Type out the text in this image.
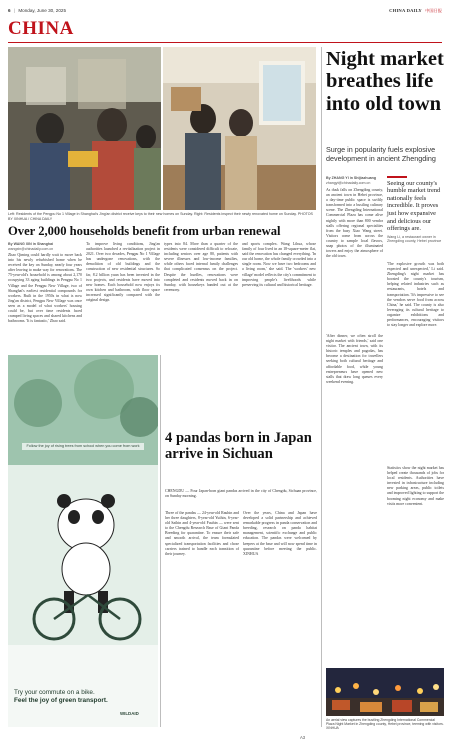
6 | Monday, June 30, 2025	CHINA DAILY 中国日报
CHINA
Left: Residents of the Pengpu No 1 Village in Shanghai's Jing'an district receive keys to their new homes on Sunday. Right: Residents inspect their newly renovated home on Sunday. PHOTOS BY XINHUA / CHINA DAILY
Over 2,000 households benefit from urban renewal
By WANG XIN in Shanghai
wangxin@chinadaily.com.cn
Zhao Qiming could hardly wait to move back into his newly refurbished home when he received the key on Sunday, nearly four years after leaving to make way for renovations. The 75-year-old's household is among about 2,170 occupying 33 aging buildings in Pengpu No 1 Village and the Pengpu New Village, two of Shanghai's earliest residential compounds for workers. Built in the 1950s in what is now Jing'an district, Pengpu New Village was once seen as a model of what workers' housing could be, but over time residents faced cramped living spaces and shared kitchens and bathrooms. 'It is fantastic,' Zhao said.
To improve living conditions, Jing'an authorities launched a revitalization project in 2021. Over two decades, Pengpu No 1 Village has undergone renovations, with the demolition of old buildings and the construction of new residential structures. So far, 8.2 billion yuan has been invested in the two projects, and residents have moved into new homes. Each household now enjoys its own kitchen and bathroom, with floor space increased significantly compared with the original design.
types into 84. More than a quarter of the residents were considered difficult to relocate, including seniors over age 80, patients with severe illnesses and low-income families, while others faced internal family challenges that complicated consensus on the project. Despite the hurdles, renovations were completed and residents moved back in on Sunday, with housekeys handed out at the ceremony.
and sports complex. Wang Lihua, whose family of four lived in an 18-square-meter flat, said the renovation has changed everything. 'In our old home, the whole family crowded into a single room. Now we have two bedrooms and a living room,' she said. The 'workers' new village' model reflects the city's commitment to improving people's livelihoods while preserving its cultural and historical heritage.
Follow the joy of rising trees from school when you come from work
Try your commute on a bike.
Feel the joy of green transport.
WILDAID
4 pandas born in Japan arrive in Sichuan
CHENGDU — Four Japan-born giant pandas arrived in the city of Chengdu, Sichuan province, on Sunday morning.
Three of the pandas — 24-year-old Rauhin and her three daughters, 8-year-old Yuihin, 6-year-old Saihin and 4-year-old Fuuhin — were sent to the Chengdu Research Base of Giant Panda Breeding for quarantine. To ensure their safe and smooth arrival, the team formulated specialized transportation facilities and chose carriers trained to handle each transition of their journey.
Over the years, China and Japan have developed a solid partnership and achieved remarkable progress in panda conservation and breeding, research on panda habitat management, scientific exchange and public education. The pandas were welcomed by keepers at the base and will now spend time in quarantine before meeting the public. XINHUA
Night market breathes life into old town
Surge in popularity fuels explosive development in ancient Zhengding
By ZHANG YI in Shijiazhuang
zhangyi@chinadaily.com.cn
As dusk falls on Zhengding county, an ancient town in Hebei province, a day-time public space is swiftly transformed into a bustling culinary scene. The Zhengding International Commercial Plaza has come alive nightly with more than 800 vendor stalls offering regional specialties from the busy Xiao Wang street. Visitors come from across the country to sample local flavors, snap photos of the illuminated towers and enjoy the atmosphere of the old town.
Seeing our county's humble market trend nationally feels incredible. It proves just how expansive and delicious our offerings are.
Wang Li, a restaurant owner in Zhengding county, Hebei province
'After dinner, we often stroll the night market with friends,' said one visitor. The ancient town, with its historic temples and pagodas, has become a destination for travellers seeking both cultural heritage and affordable food, while young entrepreneurs have opened new stalls that draw long queues every weekend evening.
'The explosive growth was both expected and unexpected,' Li said. Zhengding's night market has boosted the county's tourism, helping related industries such as restaurants, hotels and transportation. 'It's impressive to see the vendors serve food from across China,' he said. The county is also leveraging its cultural heritage to organize exhibitions and performances, encouraging visitors to stay longer and explore more.
Statistics show the night market has helped create thousands of jobs for local residents. Authorities have invested in infrastructure including new parking areas, public toilets and improved lighting to support the booming night economy and make visits more convenient.
An aerial view captures the bustling Zhengding International Commercial Plaza Night Market in Zhengding county, Hebei province, teeming with visitors. XINHUA
A3
